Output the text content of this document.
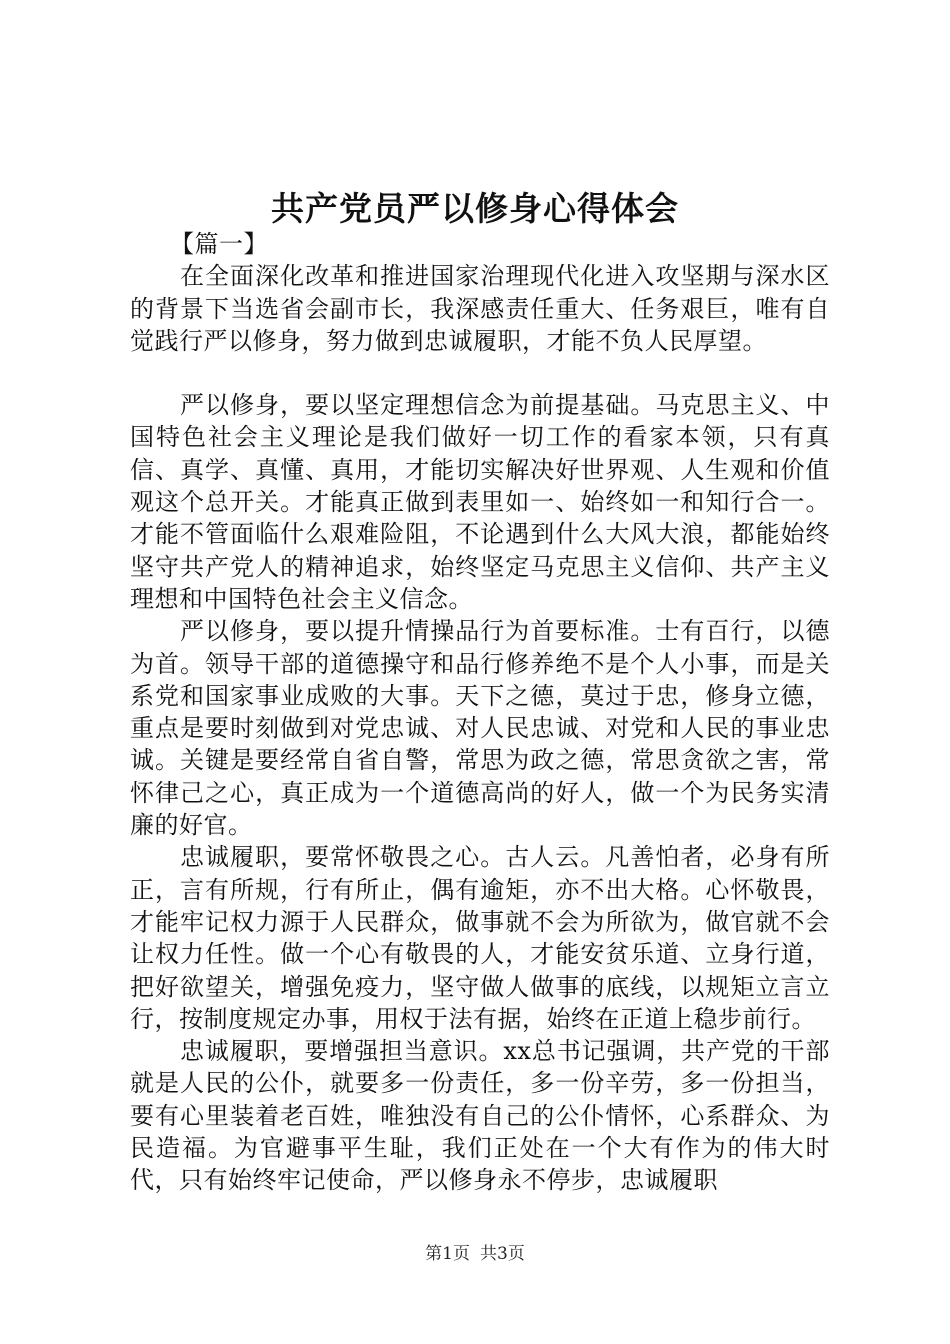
共产党员严以修身心得体会

【篇一】

在全面深化改革和推进国家治理现代化进入攻坚期与深水区的背景下当选省会副市长，我深感责任重大、任务艰巨，唯有自觉践行严以修身，努力做到忠诚履职，才能不负人民厚望。

严以修身，要以坚定理想信念为前提基础。马克思主义、中国特色社会主义理论是我们做好一切工作的看家本领，只有真信、真学、真懂、真用，才能切实解决好世界观、人生观和价值观这个总开关。才能真正做到表里如一、始终如一和知行合一。才能不管面临什么艰难险阻，不论遇到什么大风大浪，都能始终坚守共产党人的精神追求，始终坚定马克思主义信仰、共产主义理想和中国特色社会主义信念。

严以修身，要以提升情操品行为首要标准。士有百行，以德为首。领导干部的道德操守和品行修养绝不是个人小事，而是关系党和国家事业成败的大事。天下之德，莫过于忠，修身立德，重点是要时刻做到对党忠诚、对人民忠诚、对党和人民的事业忠诚。关键是要经常自省自警，常思为政之德，常思贪欲之害，常怀律己之心，真正成为一个道德高尚的好人，做一个为民务实清廉的好官。

忠诚履职，要常怀敬畏之心。古人云。凡善怕者，必身有所正，言有所规，行有所止，偶有逾矩，亦不出大格。心怀敬畏，才能牢记权力源于人民群众，做事就不会为所欲为，做官就不会让权力任性。做一个心有敬畏的人，才能安贫乐道、立身行道，把好欲望关，增强免疫力，坚守做人做事的底线，以规矩立言立行，按制度规定办事，用权于法有据，始终在正道上稳步前行。

忠诚履职，要增强担当意识。xx总书记强调，共产党的干部就是人民的公仆，就要多一份责任，多一份辛劳，多一份担当，要有心里装着老百姓，唯独没有自己的公仆情怀，心系群众、为民造福。为官避事平生耻，我们正处在一个大有作为的伟大时代，只有始终牢记使命，严以修身永不停步，忠诚履职

第1页 共3页
